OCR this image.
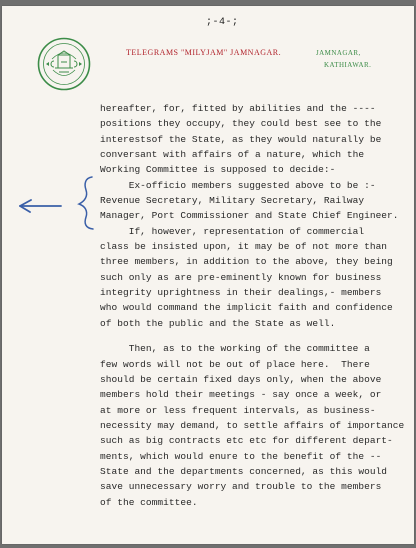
;-4-;
TELEGRAMS "MILYJAM" JAMNAGAR.	JAMNAGAR,
KATHIAWAR.
hereafter, for, fitted by abilities and the ----
positions they occupy, they could best see to the
interestsof the State, as they would naturally be
conversant with affairs of a nature, which the
Working Committee is supposed to decide:-
Ex-officio members suggested above to be :-
Revenue Secretary, Military Secretary, Railway
Manager, Port Commissioner and State Chief Engineer.
If, however, representation of commercial
class be insisted upon, it may be of not more than
three members, in addition to the above, they being
such only as are pre-eminently known for business
integrity uprightness in their dealings,- members
who would command the implicit faith and confidence
of both the public and the State as well.
Then, as to the working of the committee a
few words will not be out of place here.  There
should be certain fixed days only, when the above
members hold their meetings - say once a week, or
at more or less frequent intervals, as business-
necessity may demand, to settle affairs of importance
such as big contracts etc etc for different depart-
ments, which would enure to the benefit of the --
State and the departments concerned, as this would
save unnecessary worry and trouble to the members
of the committee.
